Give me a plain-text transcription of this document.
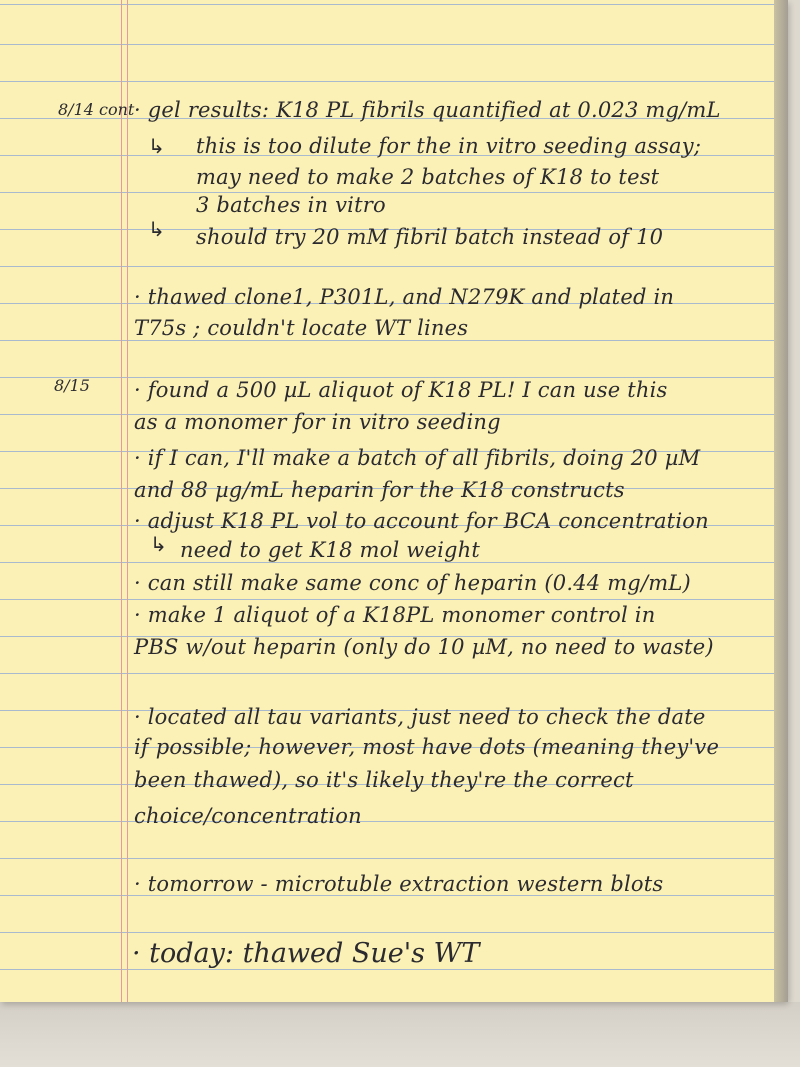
8/14 cont · gel results: K18 PL fibrils quantified at 0.023 mg/mL
↳ this is too dilute for the in vitro seeding assay;
may need to make 2 batches of K18 to test
3 batches in vitro
↳ should try 20 mM fibril batch instead of 10
· thawed clone1, P301L, and N279K and plated in
T75s ; couldn't locate WT lines
8/15 · found a 500 µL aliquot of K18 PL! I can use this
as a monomer for in vitro seeding
· if I can, I'll make a batch of all fibrils, doing 20 µM
and 88 µg/mL heparin for the K18 constructs
· adjust K18 PL vol to account for BCA concentration
↳ need to get K18 mol weight
· can still make same conc of heparin (0.44 mg/mL)
· make 1 aliquot of a K18PL monomer control in
PBS w/out heparin (only do 10 µM, no need to waste)
· located all tau variants, just need to check the date
if possible; however, most have dots (meaning they've
been thawed), so it's likely they're the correct
choice/concentration
· tomorrow - microtuble extraction western blots
· today: thawed Sue's WT
